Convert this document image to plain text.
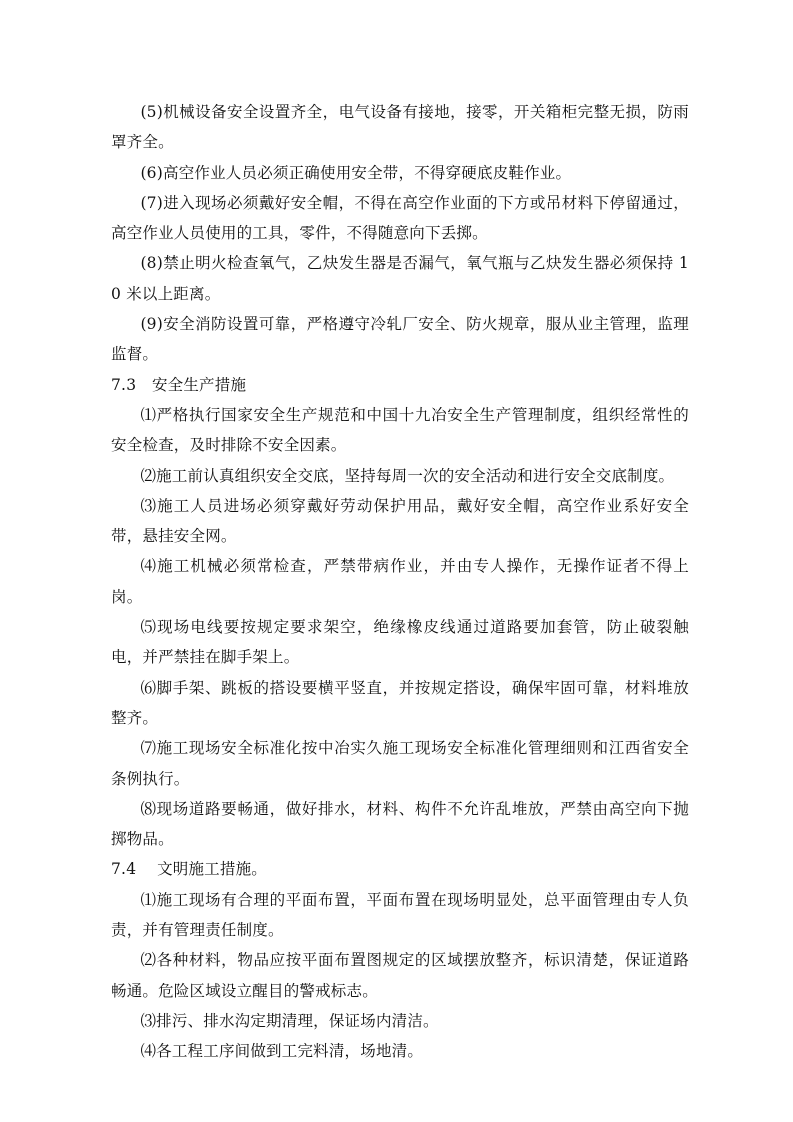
(5)机械设备安全设置齐全，电气设备有接地，接零，开关箱柜完整无损，防雨罩齐全。

(6)高空作业人员必须正确使用安全带，不得穿硬底皮鞋作业。

(7)进入现场必须戴好安全帽，不得在高空作业面的下方或吊材料下停留通过，高空作业人员使用的工具，零件，不得随意向下丢掷。

(8)禁止明火检查氧气，乙炔发生器是否漏气，氧气瓶与乙炔发生器必须保持 10 米以上距离。

(9)安全消防设置可靠，严格遵守冷轧厂安全、防火规章，服从业主管理，监理监督。

7.3　安全生产措施

⑴严格执行国家安全生产规范和中国十九冶安全生产管理制度，组织经常性的安全检查，及时排除不安全因素。

⑵施工前认真组织安全交底，坚持每周一次的安全活动和进行安全交底制度。

⑶施工人员进场必须穿戴好劳动保护用品，戴好安全帽，高空作业系好安全带，悬挂安全网。

⑷施工机械必须常检查，严禁带病作业，并由专人操作，无操作证者不得上岗。

⑸现场电线要按规定要求架空，绝缘橡皮线通过道路要加套管，防止破裂触电，并严禁挂在脚手架上。

⑹脚手架、跳板的搭设要横平竖直，并按规定搭设，确保牢固可靠，材料堆放整齐。

⑺施工现场安全标准化按中冶实久施工现场安全标准化管理细则和江西省安全条例执行。

⑻现场道路要畅通，做好排水，材料、构件不允许乱堆放，严禁由高空向下抛掷物品。

7.4　 文明施工措施。

⑴施工现场有合理的平面布置，平面布置在现场明显处，总平面管理由专人负责，并有管理责任制度。

⑵各种材料，物品应按平面布置图规定的区域摆放整齐，标识清楚，保证道路畅通。危险区域设立醒目的警戒标志。

⑶排污、排水沟定期清理，保证场内清洁。

⑷各工程工序间做到工完料清，场地清。
